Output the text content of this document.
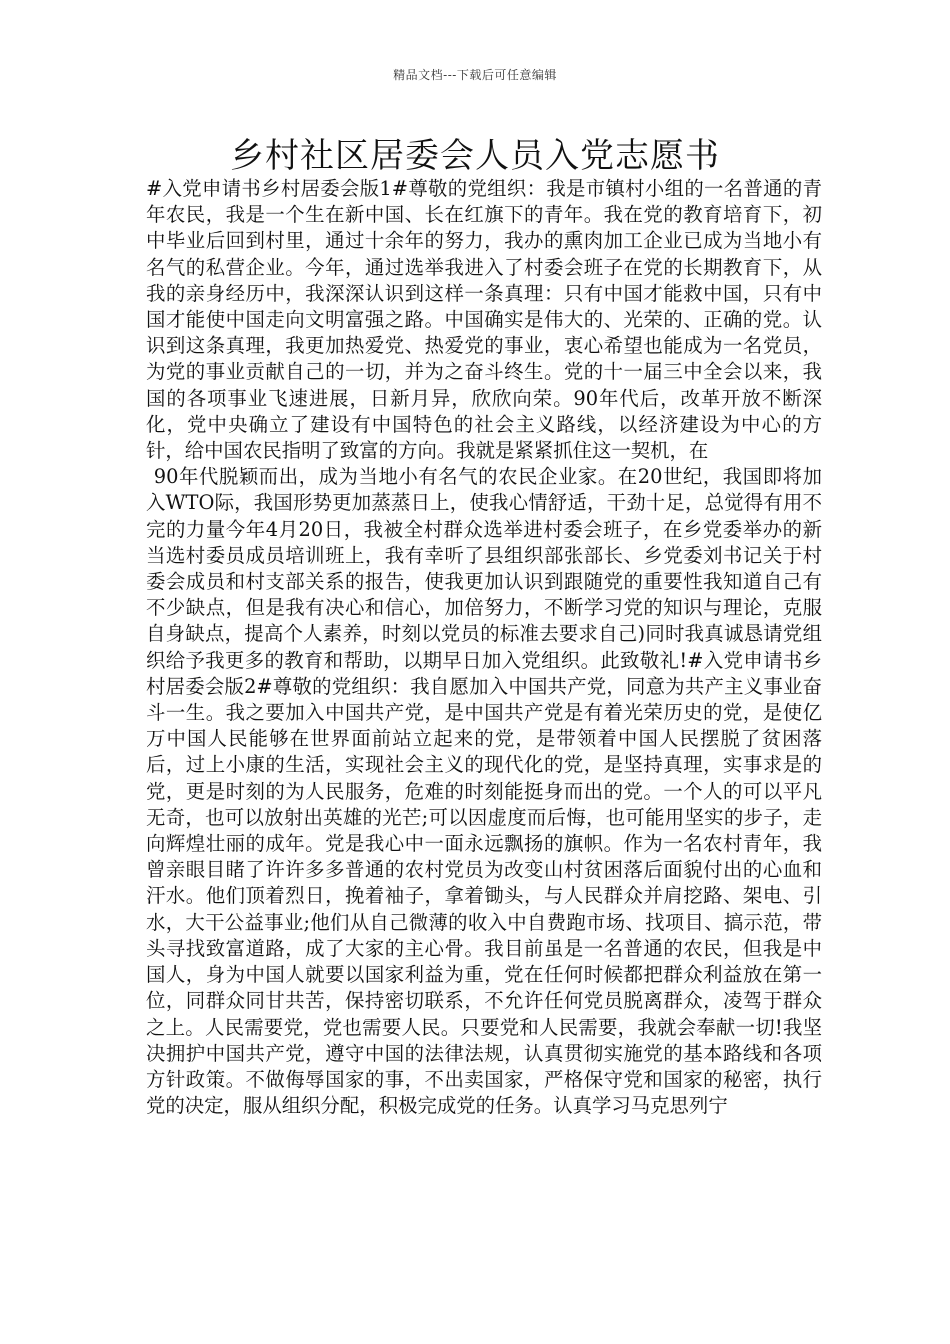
精品文档---下载后可任意编辑
乡村社区居委会人员入党志愿书

#入党申请书乡村居委会版1#尊敬的党组织：我是市镇村小组的一名普通的青年农民，我是一个生在新中国、长在红旗下的青年。我在党的教育培育下，初中毕业后回到村里，通过十余年的努力，我办的熏肉加工企业已成为当地小有名气的私营企业。今年，通过选举我进入了村委会班子在党的长期教育下，从我的亲身经历中，我深深认识到这样一条真理：只有中国才能救中国，只有中国才能使中国走向文明富强之路。中国确实是伟大的、光荣的、正确的党。认识到这条真理，我更加热爱党、热爱党的事业，衷心希望也能成为一名党员，为党的事业贡献自己的一切，并为之奋斗终生。党的十一届三中全会以来，我国的各项事业飞速进展，日新月异，欣欣向荣。90年代后，改革开放不断深化，党中央确立了建设有中国特色的社会主义路线，以经济建设为中心的方针，给中国农民指明了致富的方向。我就是紧紧抓住这一契机，在

90年代脱颖而出，成为当地小有名气的农民企业家。在20世纪，我国即将加入WTO际，我国形势更加蒸蒸日上，使我心情舒适，干劲十足，总觉得有用不完的力量今年4月20日，我被全村群众选举进村委会班子，在乡党委举办的新当选村委员成员培训班上，我有幸听了县组织部张部长、乡党委刘书记关于村委会成员和村支部关系的报告，使我更加认识到跟随党的重要性我知道自己有不少缺点，但是我有决心和信心，加倍努力，不断学习党的知识与理论，克服自身缺点，提高个人素养，时刻以党员的标准去要求自己)同时我真诚恳请党组织给予我更多的教育和帮助，以期早日加入党组织。此致敬礼!#入党申请书乡村居委会版2#尊敬的党组织：我自愿加入中国共产党，同意为共产主义事业奋斗一生。我之要加入中国共产党，是中国共产党是有着光荣历史的党，是使亿万中国人民能够在世界面前站立起来的党，是带领着中国人民摆脱了贫困落后，过上小康的生活，实现社会主义的现代化的党，是坚持真理，实事求是的党，更是时刻的为人民服务，危难的时刻能挺身而出的党。一个人的可以平凡无奇，也可以放射出英雄的光芒;可以因虚度而后悔，也可能用坚实的步子，走向辉煌壮丽的成年。党是我心中一面永远飘扬的旗帜。作为一名农村青年，我曾亲眼目睹了许许多多普通的农村党员为改变山村贫困落后面貌付出的心血和汗水。他们顶着烈日，挽着袖子，拿着锄头，与人民群众并肩挖路、架电、引水，大干公益事业;他们从自己微薄的收入中自费跑市场、找项目、搞示范，带头寻找致富道路，成了大家的主心骨。我目前虽是一名普通的农民，但我是中国人，身为中国人就要以国家利益为重，党在任何时候都把群众利益放在第一位，同群众同甘共苦，保持密切联系，不允许任何党员脱离群众，凌驾于群众之上。人民需要党，党也需要人民。只要党和人民需要，我就会奉献一切!我坚决拥护中国共产党，遵守中国的法律法规，认真贯彻实施党的基本路线和各项方针政策。不做侮辱国家的事，不出卖国家，严格保守党和国家的秘密，执行党的决定，服从组织分配，积极完成党的任务。认真学习马克思列宁
